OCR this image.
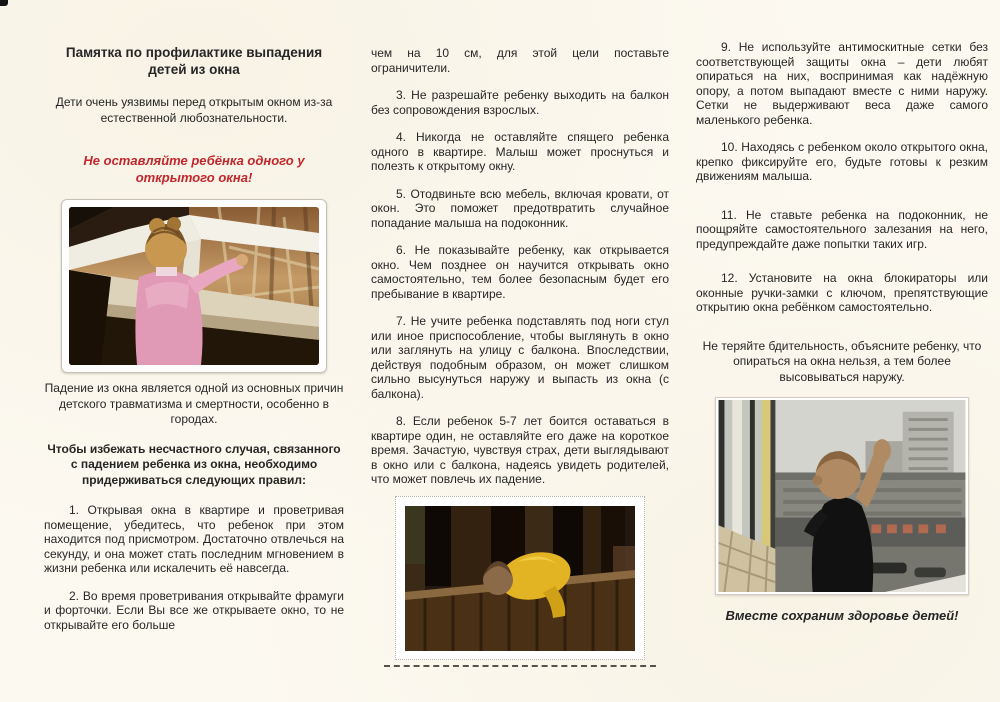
Памятка по профилактике выпадения детей из окна

Дети очень уязвимы перед открытым окном из-за естественной любознательности.

Не оставляйте ребёнка одного у открытого окна!

Падение из окна является одной из основных причин детского травматизма и смертности, особенно в городах.

Чтобы избежать несчастного случая, связанного с падением ребенка из окна, необходимо придерживаться следующих правил:

1. Открывая окна в квартире и проветривая помещение, убедитесь, что ребенок при этом находится под присмотром. Достаточно отвлечься на секунду, и она может стать последним мгновением в жизни ребенка или искалечить её навсегда.

2. Во время проветривания открывайте фрамуги и форточки. Если Вы все же открываете окно, то не открывайте его больше

чем на 10 см, для этой цели поставьте ограничители.

3. Не разрешайте ребенку выходить на балкон без сопровождения взрослых.

4. Никогда не оставляйте спящего ребенка одного в квартире. Малыш может проснуться и полезть к открытому окну.

5. Отодвиньте всю мебель, включая кровати, от окон. Это поможет предотвратить случайное попадание малыша на подоконник.

6. Не показывайте ребенку, как открывается окно. Чем позднее он научится открывать окно самостоятельно, тем более безопасным будет его пребывание в квартире.

7. Не учите ребенка подставлять под ноги стул или иное приспособление, чтобы выглянуть в окно или заглянуть на улицу с балкона. Впоследствии, действуя подобным образом, он может слишком сильно высунуться наружу и выпасть из окна (с балкона).

8. Если ребенок 5-7 лет боится оставаться в квартире один, не оставляйте его даже на короткое время. Зачастую, чувствуя страх, дети выглядывают в окно или с балкона, надеясь увидеть родителей, что может повлечь их падение.

9. Не используйте антимоскитные сетки без соответствующей защиты окна – дети любят опираться на них, воспринимая как надёжную опору, а потом выпадают вместе с ними наружу. Сетки не выдерживают веса даже самого маленького ребенка.

10. Находясь с ребенком около открытого окна, крепко фиксируйте его, будьте готовы к резким движениям малыша.

11. Не ставьте ребенка на подоконник, не поощряйте самостоятельного залезания на него, предупреждайте даже попытки таких игр.

12. Установите на окна блокираторы или оконные ручки-замки с ключом, препятствующие открытию окна ребёнком самостоятельно.

Не теряйте бдительность, объясните ребенку, что опираться на окна нельзя, а тем более высовываться наружу.

Вместе сохраним здоровье детей!
